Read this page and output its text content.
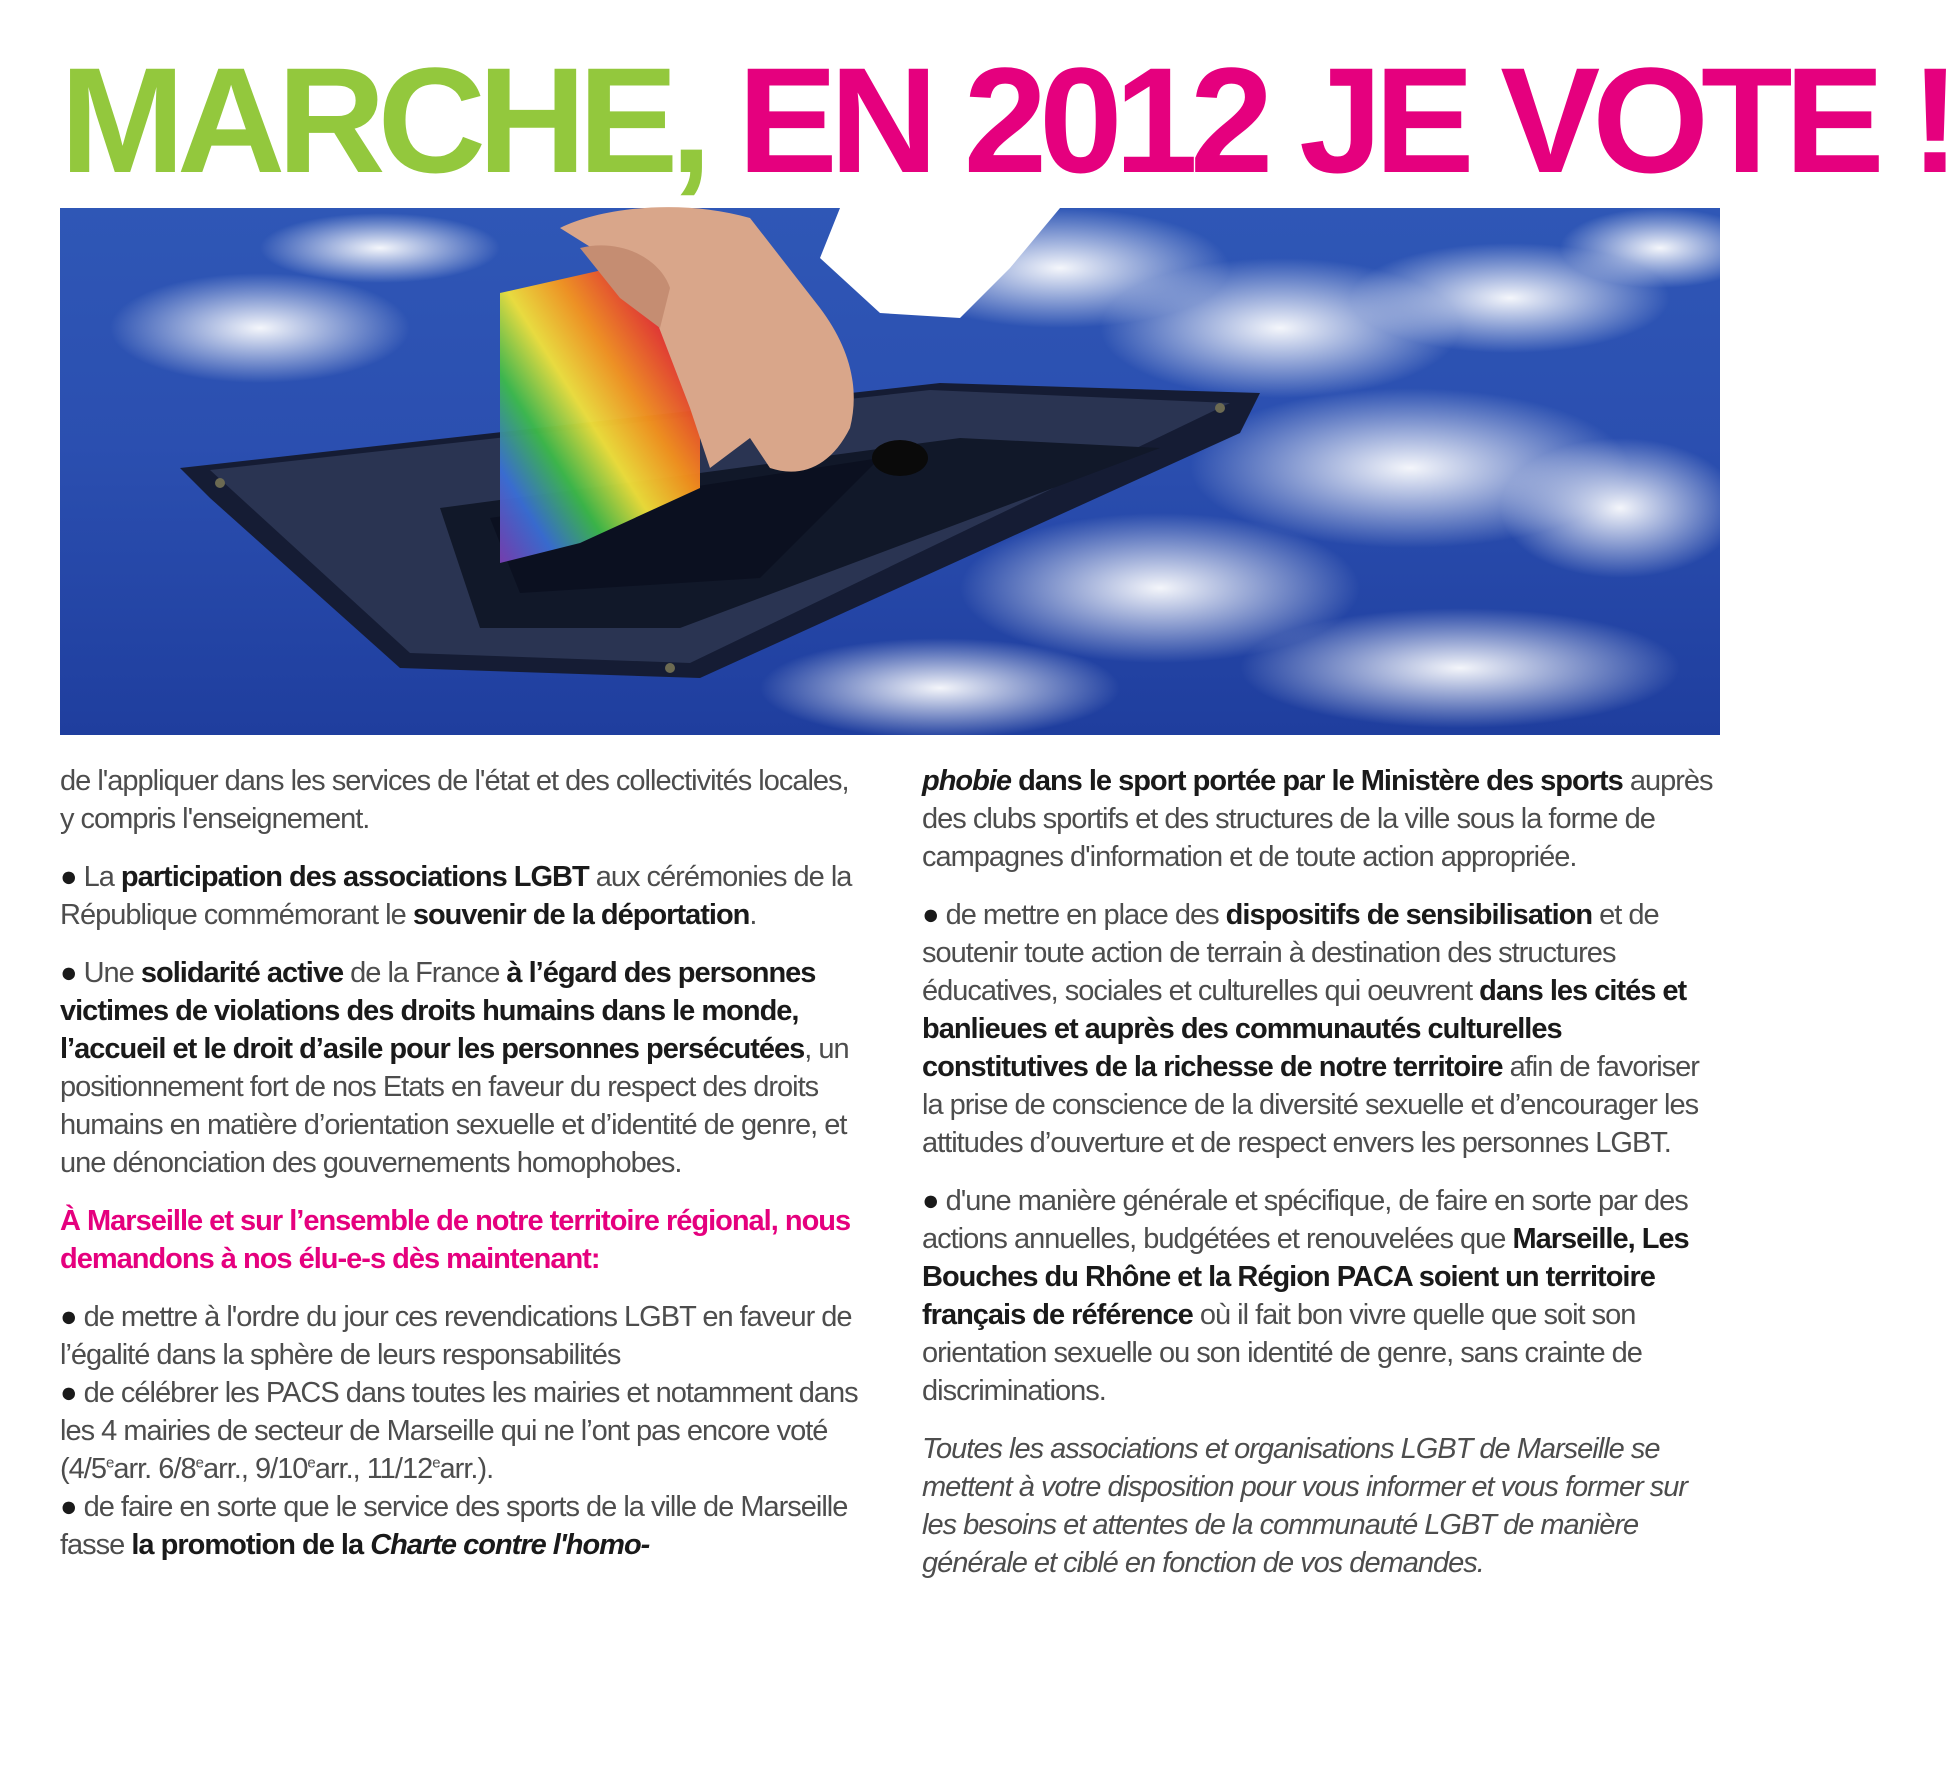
MARCHE, EN 2012 JE VOTE !

de l'appliquer dans les services de l'état et des collectivités locales, y compris l'enseignement.

● La participation des associations LGBT aux cérémonies de la République commémorant le souvenir de la déportation.

● Une solidarité active de la France à l’égard des personnes victimes de violations des droits humains dans le monde, l’accueil et le droit d’asile pour les personnes persécutées, un positionnement fort de nos Etats en faveur du respect des droits humains en matière d’orientation sexuelle et d’identité de genre, et une dénonciation des gouvernements homophobes.

À Marseille et sur l’ensemble de notre territoire régional, nous demandons à nos élu-e-s dès maintenant:

● de mettre à l'ordre du jour ces revendications LGBT en faveur de l’égalité dans la sphère de leurs responsabilités

● de célébrer les PACS dans toutes les mairies et notamment dans les 4 mairies de secteur de Marseille qui ne l’ont pas encore voté (4/5earr. 6/8earr., 9/10earr., 11/12earr.).

● de faire en sorte que le service des sports de la ville de Marseille fasse la promotion de la Charte contre l'homo-

phobie dans le sport portée par le Ministère des sports auprès des clubs sportifs et des structures de la ville sous la forme de campagnes d'information et de toute action appropriée.

● de mettre en place des dispositifs de sensibilisation et de soutenir toute action de terrain à destination des structures éducatives, sociales et culturelles qui oeuvrent dans les cités et banlieues et auprès des communautés culturelles constitutives de la richesse de notre territoire afin de favoriser la prise de conscience de la diversité sexuelle et d’encourager les attitudes d’ouverture et de respect envers les personnes LGBT.

● d'une manière générale et spécifique, de faire en sorte par des actions annuelles, budgétées et renouvelées que Marseille, Les Bouches du Rhône et la Région PACA soient un territoire français de référence où il fait bon vivre quelle que soit son orientation sexuelle ou son identité de genre, sans crainte de discriminations.

Toutes les associations et organisations LGBT de Marseille se mettent à votre disposition pour vous informer et vous former sur les besoins et attentes de la communauté LGBT de manière générale et ciblé en fonction de vos demandes.
